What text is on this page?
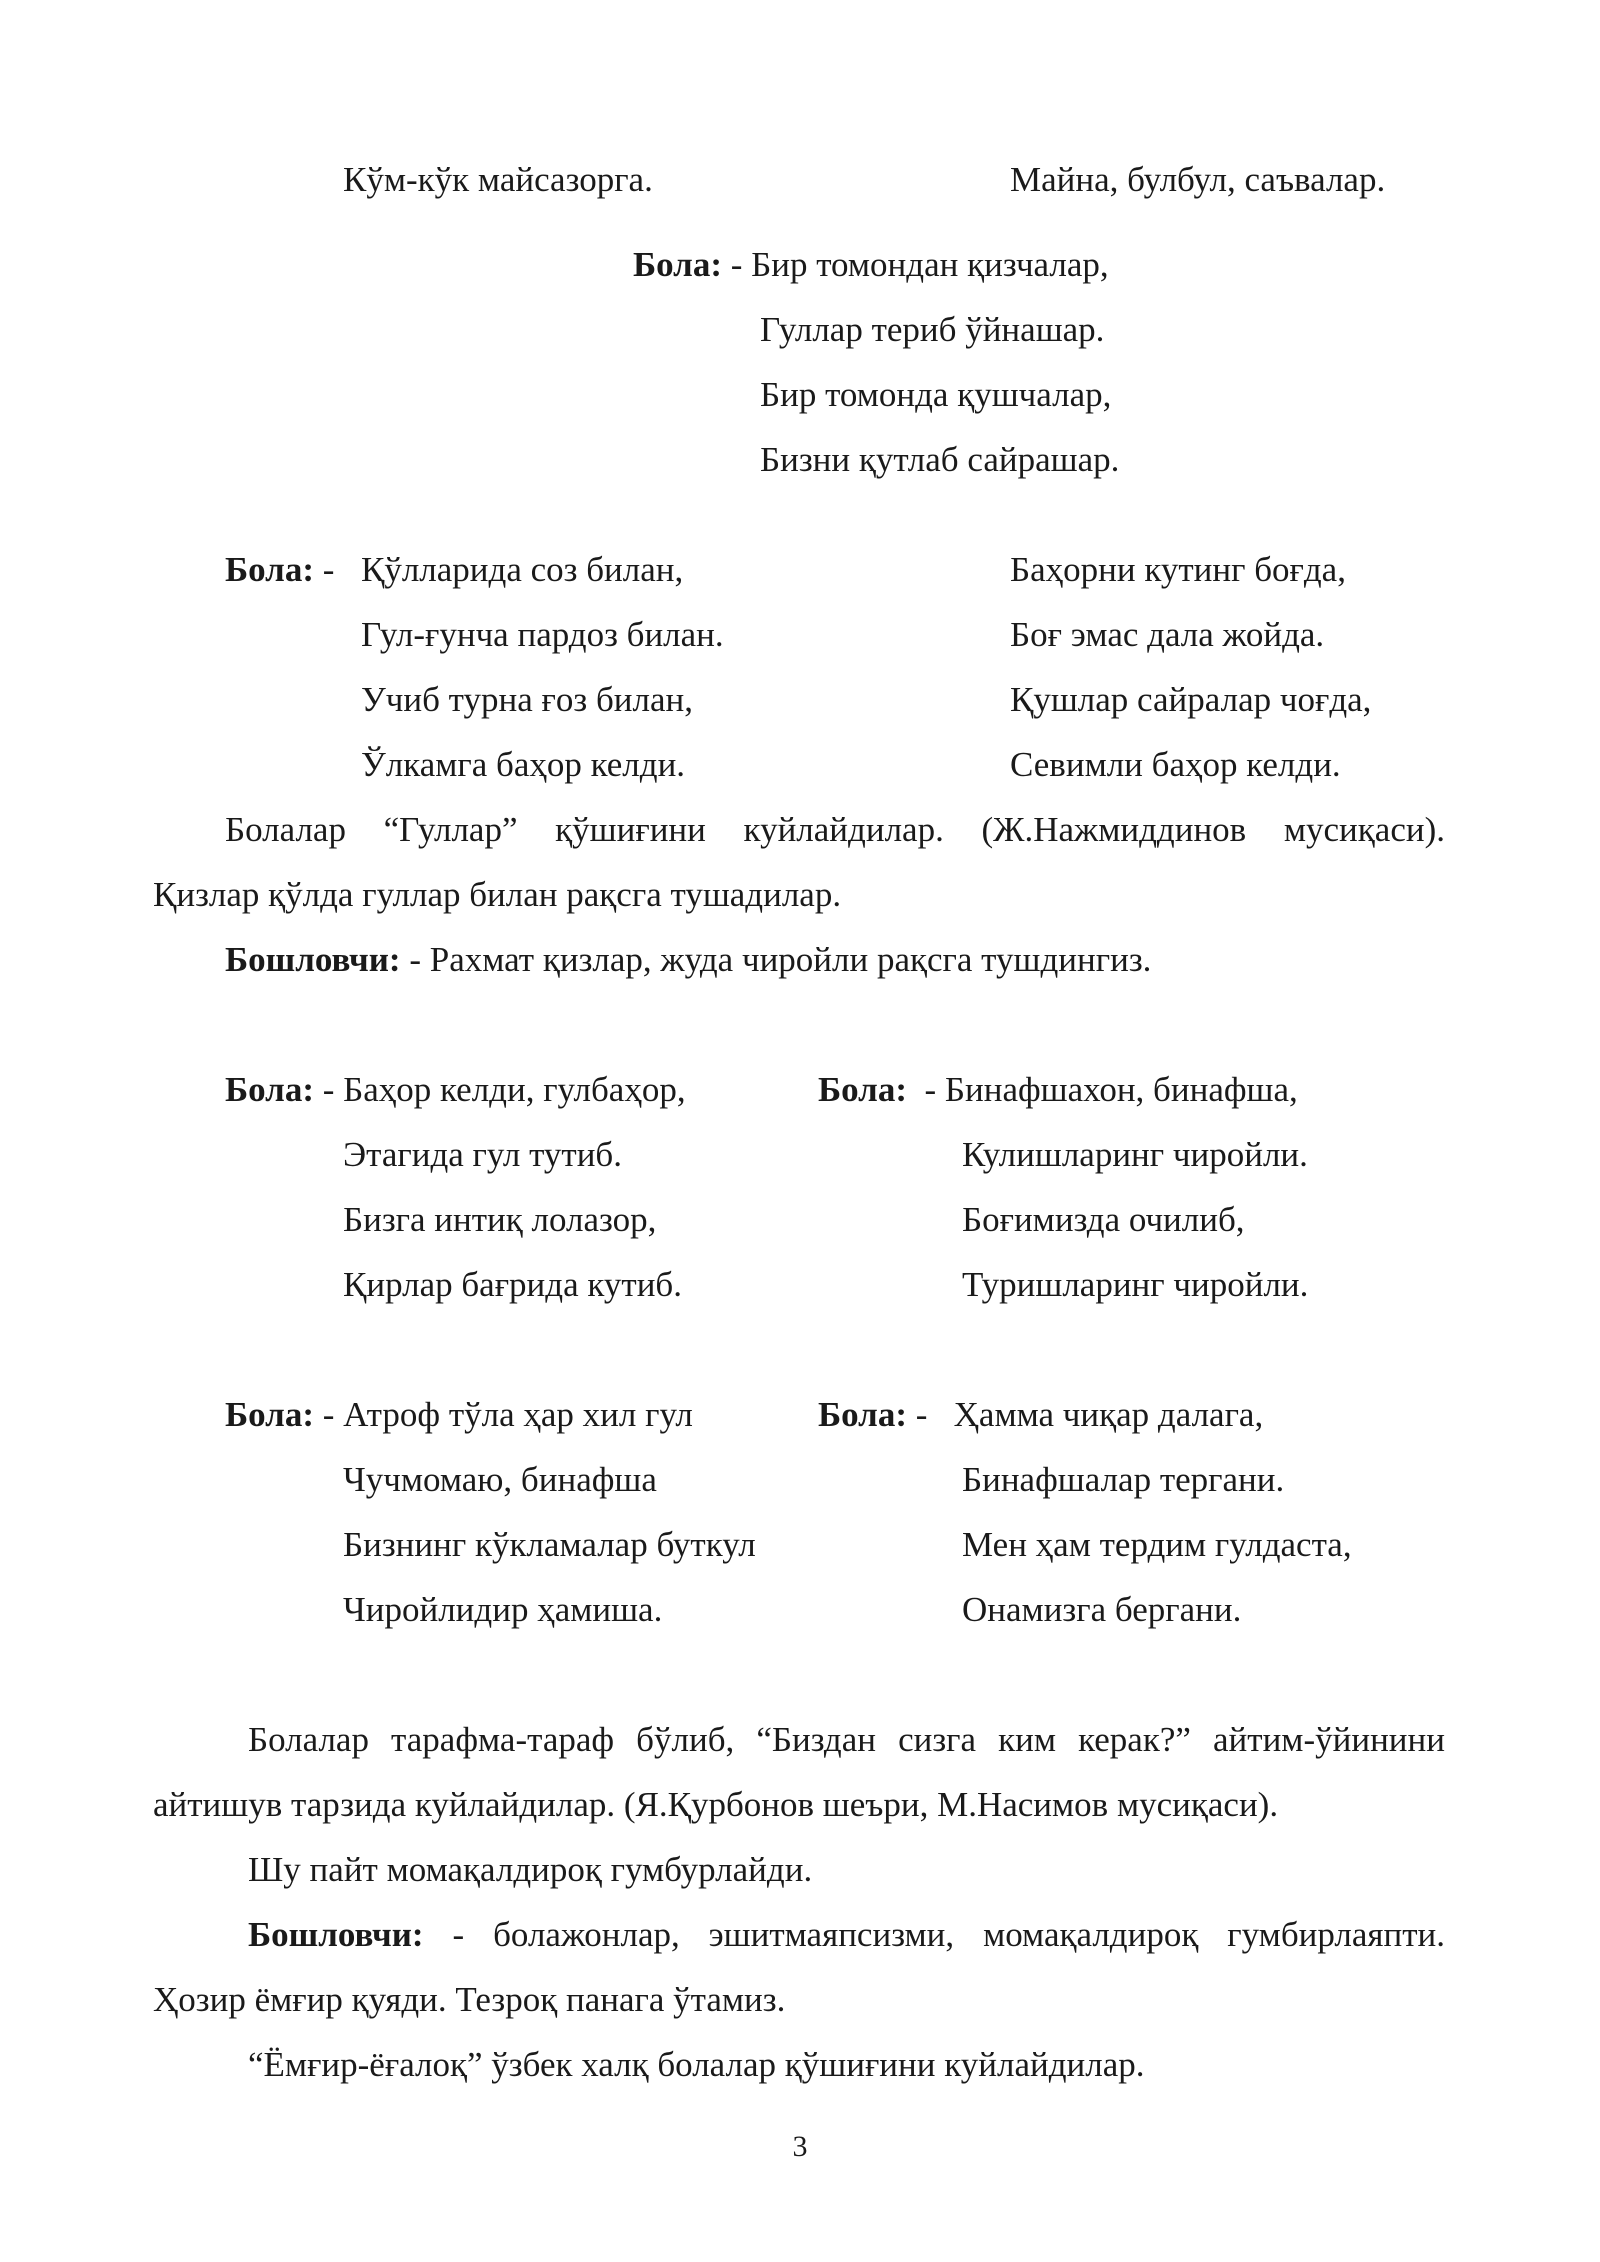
Кўм-кўк майсазорга.	Майна, булбул, саъвалар.
Бола: - Бир томондан қизчалар,
Гуллар териб ўйнашар.
Бир томонда қушчалар,
Бизни қутлаб сайрашар.
Бола: - Қўлларида соз билан,
Гул-ғунча пардоз билан.
Учиб турна ғоз билан,
Ўлкамга баҳор келди.
Баҳорни кутинг боғда,
Боғ эмас дала жойда.
Қушлар сайралар чоғда,
Севимли баҳор келди.
Болалар “Гуллар” қўшиғини куйлайдилар. (Ж.Нажмиддинов мусиқаси).
Қизлар қўлда гуллар билан рақсга тушадилар.
Бошловчи: - Рахмат қизлар, жуда чиройли рақсга тушдингиз.
Бола: - Баҳор келди, гулбаҳор,
Этагида гул тутиб.
Бизга интиқ лолазор,
Қирлар бағрида кутиб.
Бола:  - Бинафшахон, бинафша,
Кулишларинг чиройли.
Боғимизда очилиб,
Туришларинг чиройли.
Бола: - Атроф тўла ҳар хил гул
Чучмомаю, бинафша
Бизнинг кўкламалар буткул
Чиройлидир ҳамиша.
Бола: -   Ҳамма чиқар далага,
Бинафшалар тергани.
Мен ҳам тердим гулдаста,
Онамизга бергани.
Болалар тарафма-тараф бўлиб, “Биздан сизга ким керак?” айтим-ўйинини
айтишув тарзида куйлайдилар. (Я.Қурбонов шеъри, М.Насимов мусиқаси).
Шу пайт момақалдироқ гумбурлайди.
Бошловчи: - болажонлар, эшитмаяпсизми, момақалдироқ гумбирлаяпти.
Ҳозир ёмғир қуяди. Тезроқ панага ўтамиз.
“Ёмғир-ёғалоқ” ўзбек халқ болалар қўшиғини куйлайдилар.
3
